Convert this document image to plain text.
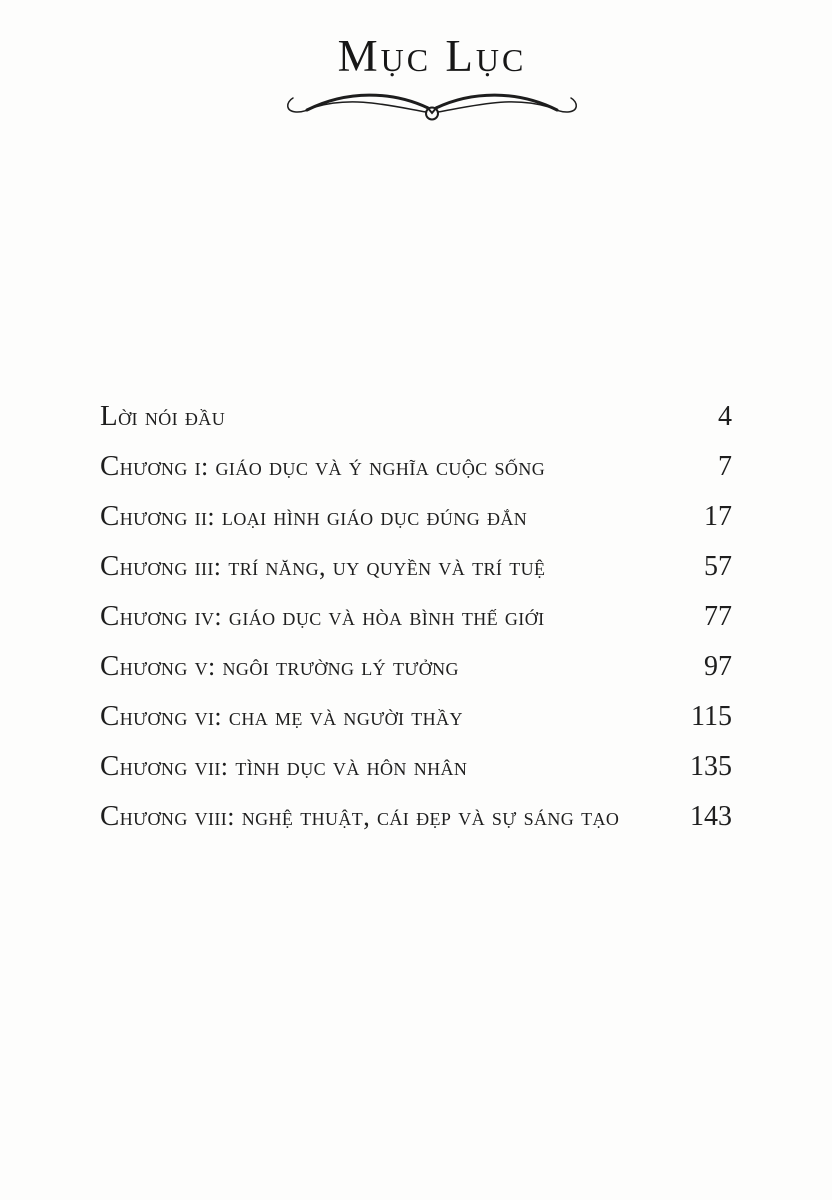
Mục Lục
Lời nói đầu	4
Chương i: giáo dục và ý nghĩa cuộc sống	7
Chương ii: loại hình giáo dục đúng đắn	17
Chương iii: trí năng, uy quyền và trí tuệ	57
Chương iv: giáo dục và hòa bình thế giới	77
Chương v: ngôi trường lý tưởng	97
Chương vi: cha mẹ và người thầy	115
Chương vii: tình dục và hôn nhân	135
Chương viii: nghệ thuật, cái đẹp và sự sáng tạo	143
